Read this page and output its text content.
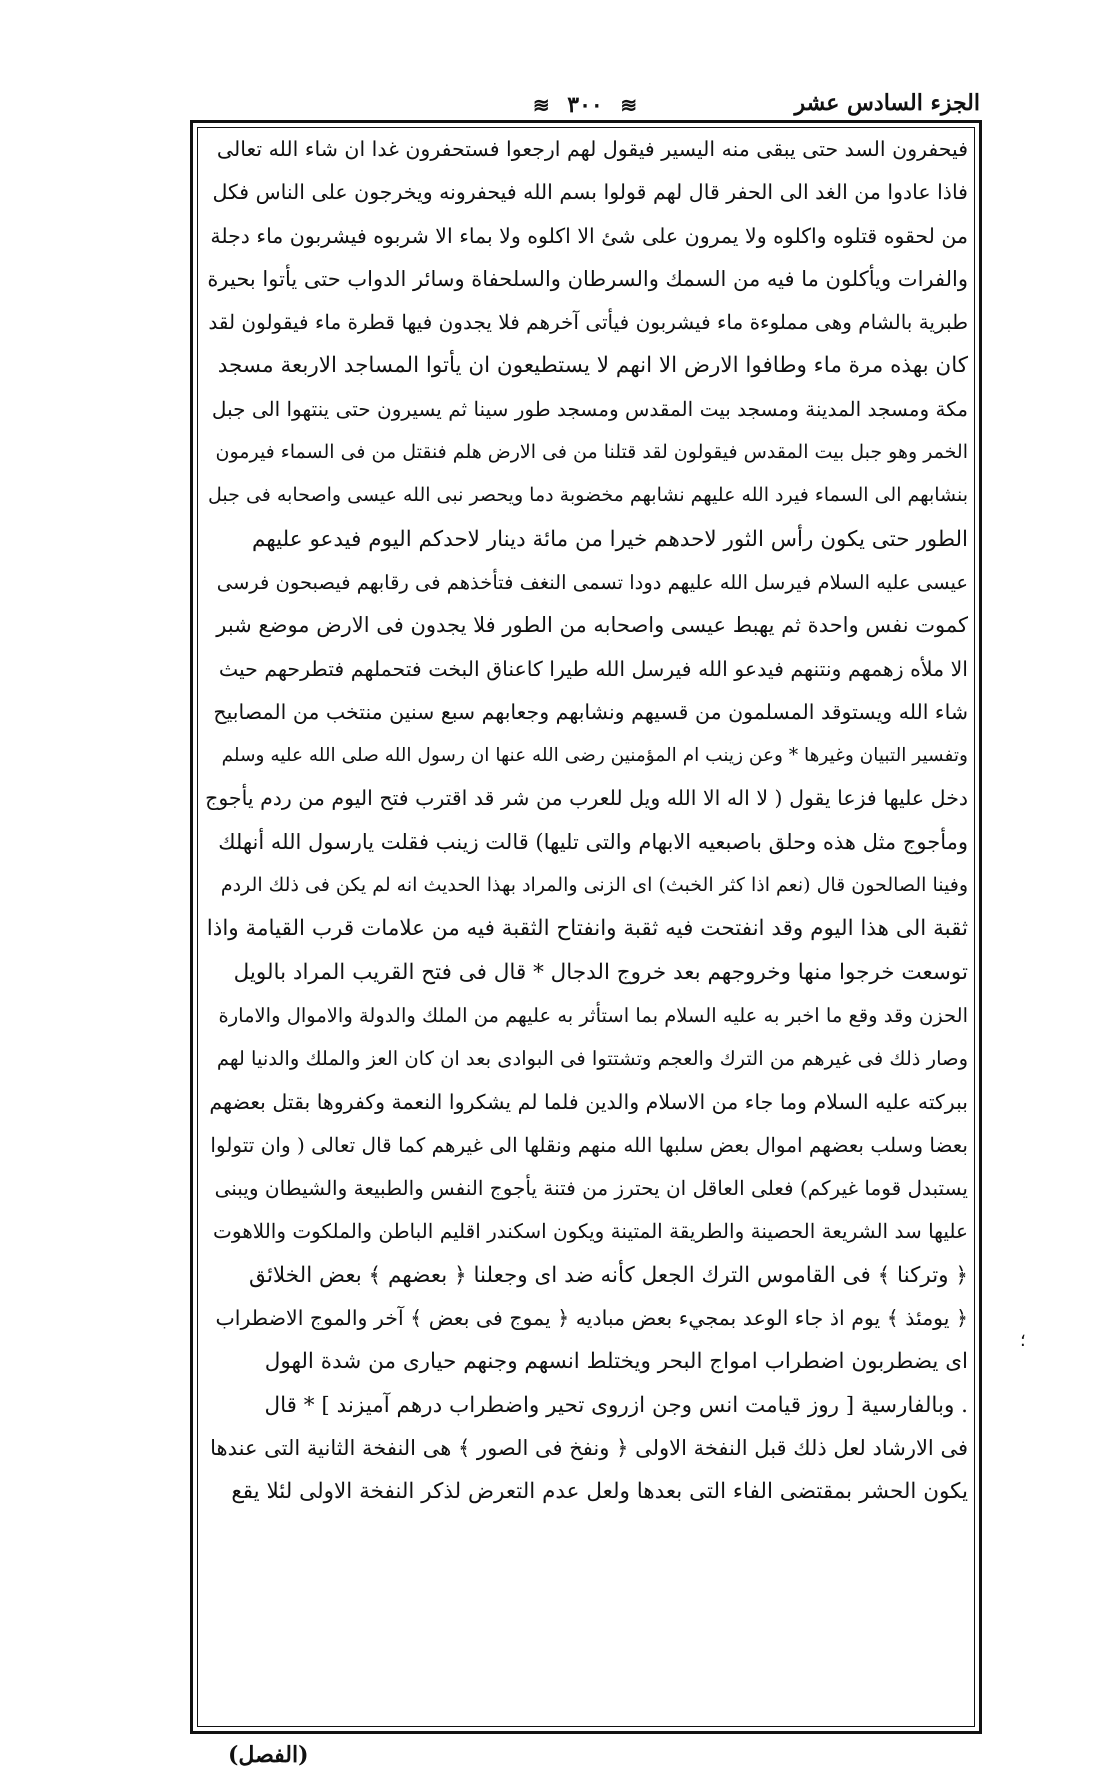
≋ ٣٠٠ ≋	الجزء السادس عشر
فيحفرون السد حتى يبقى منه اليسير فيقول لهم ارجعوا فستحفرون غدا ان شاء الله تعالى
فاذا عادوا من الغد الى الحفر قال لهم قولوا بسم الله فيحفرونه ويخرجون على الناس فكل
من لحقوه قتلوه واكلوه ولا يمرون على شئ الا اكلوه ولا بماء الا شربوه فيشربون ماء دجلة
والفرات ويأكلون ما فيه من السمك والسرطان والسلحفاة وسائر الدواب حتى يأتوا بحيرة
طبرية بالشام وهى مملوءة ماء فيشربون فيأتى آخرهم فلا يجدون فيها قطرة ماء فيقولون لقد
كان بهذه مرة ماء وطافوا الارض الا انهم لا يستطيعون ان يأتوا المساجد الاربعة مسجد
مكة ومسجد المدينة ومسجد بيت المقدس ومسجد طور سينا ثم يسيرون حتى ينتهوا الى جبل
الخمر وهو جبل بيت المقدس فيقولون لقد قتلنا من فى الارض هلم فنقتل من فى السماء فيرمون
بنشابهم الى السماء فيرد الله عليهم نشابهم مخضوبة دما ويحصر نبى الله عيسى واصحابه فى جبل
الطور حتى يكون رأس الثور لاحدهم خيرا من مائة دينار لاحدكم اليوم فيدعو عليهم
عيسى عليه السلام فيرسل الله عليهم دودا تسمى النغف فتأخذهم فى رقابهم فيصبحون فرسى
كموت نفس واحدة ثم يهبط عيسى واصحابه من الطور فلا يجدون فى الارض موضع شبر
الا ملأه زهمهم ونتنهم فيدعو الله فيرسل الله طيرا كاعناق البخت فتحملهم فتطرحهم حيث
شاء الله ويستوقد المسلمون من قسيهم ونشابهم وجعابهم سبع سنين منتخب من المصابيح
وتفسير التبيان وغيرها * وعن زينب ام المؤمنين رضى الله عنها ان رسول الله صلى الله عليه وسلم
دخل عليها فزعا يقول ( لا اله الا الله ويل للعرب من شر قد اقترب فتح اليوم من ردم يأجوج
ومأجوج مثل هذه وحلق باصبعيه الابهام والتى تليها) قالت زينب فقلت يارسول الله أنهلك
وفينا الصالحون قال (نعم اذا كثر الخبث) اى الزنى والمراد بهذا الحديث انه لم يكن فى ذلك الردم
ثقبة الى هذا اليوم وقد انفتحت فيه ثقبة وانفتاح الثقبة فيه من علامات قرب القيامة واذا
توسعت خرجوا منها وخروجهم بعد خروج الدجال * قال فى فتح القريب المراد بالويل
الحزن وقد وقع ما اخبر به عليه السلام بما استأثر به عليهم من الملك والدولة والاموال والامارة
وصار ذلك فى غيرهم من الترك والعجم وتشتتوا فى البوادى بعد ان كان العز والملك والدنيا لهم
ببركته عليه السلام وما جاء من الاسلام والدين فلما لم يشكروا النعمة وكفروها بقتل بعضهم
بعضا وسلب بعضهم اموال بعض سلبها الله منهم ونقلها الى غيرهم كما قال تعالى ( وان تتولوا
يستبدل قوما غيركم) فعلى العاقل ان يحترز من فتنة يأجوج النفس والطبيعة والشيطان ويبنى
عليها سد الشريعة الحصينة والطريقة المتينة ويكون اسكندر اقليم الباطن والملكوت واللاهوت
﴿ وتركنا ﴾ فى القاموس الترك الجعل كأنه ضد اى وجعلنا ﴿ بعضهم ﴾ بعض الخلائق
﴿ يومئذ ﴾ يوم اذ جاء الوعد بمجيء بعض مباديه ﴿ يموج فى بعض ﴾ آخر والموج الاضطراب
اى يضطربون اضطراب امواج البحر ويختلط انسهم وجنهم حيارى من شدة الهول
. وبالفارسية [ روز قيامت انس وجن ازروى تحير واضطراب درهم آميزند ] * قال
فى الارشاد لعل ذلك قبل النفخة الاولى ﴿ ونفخ فى الصور ﴾ هى النفخة الثانية التى عندها
يكون الحشر بمقتضى الفاء التى بعدها ولعل عدم التعرض لذكر النفخة الاولى لئلا يقع
(الفصل)
؛
